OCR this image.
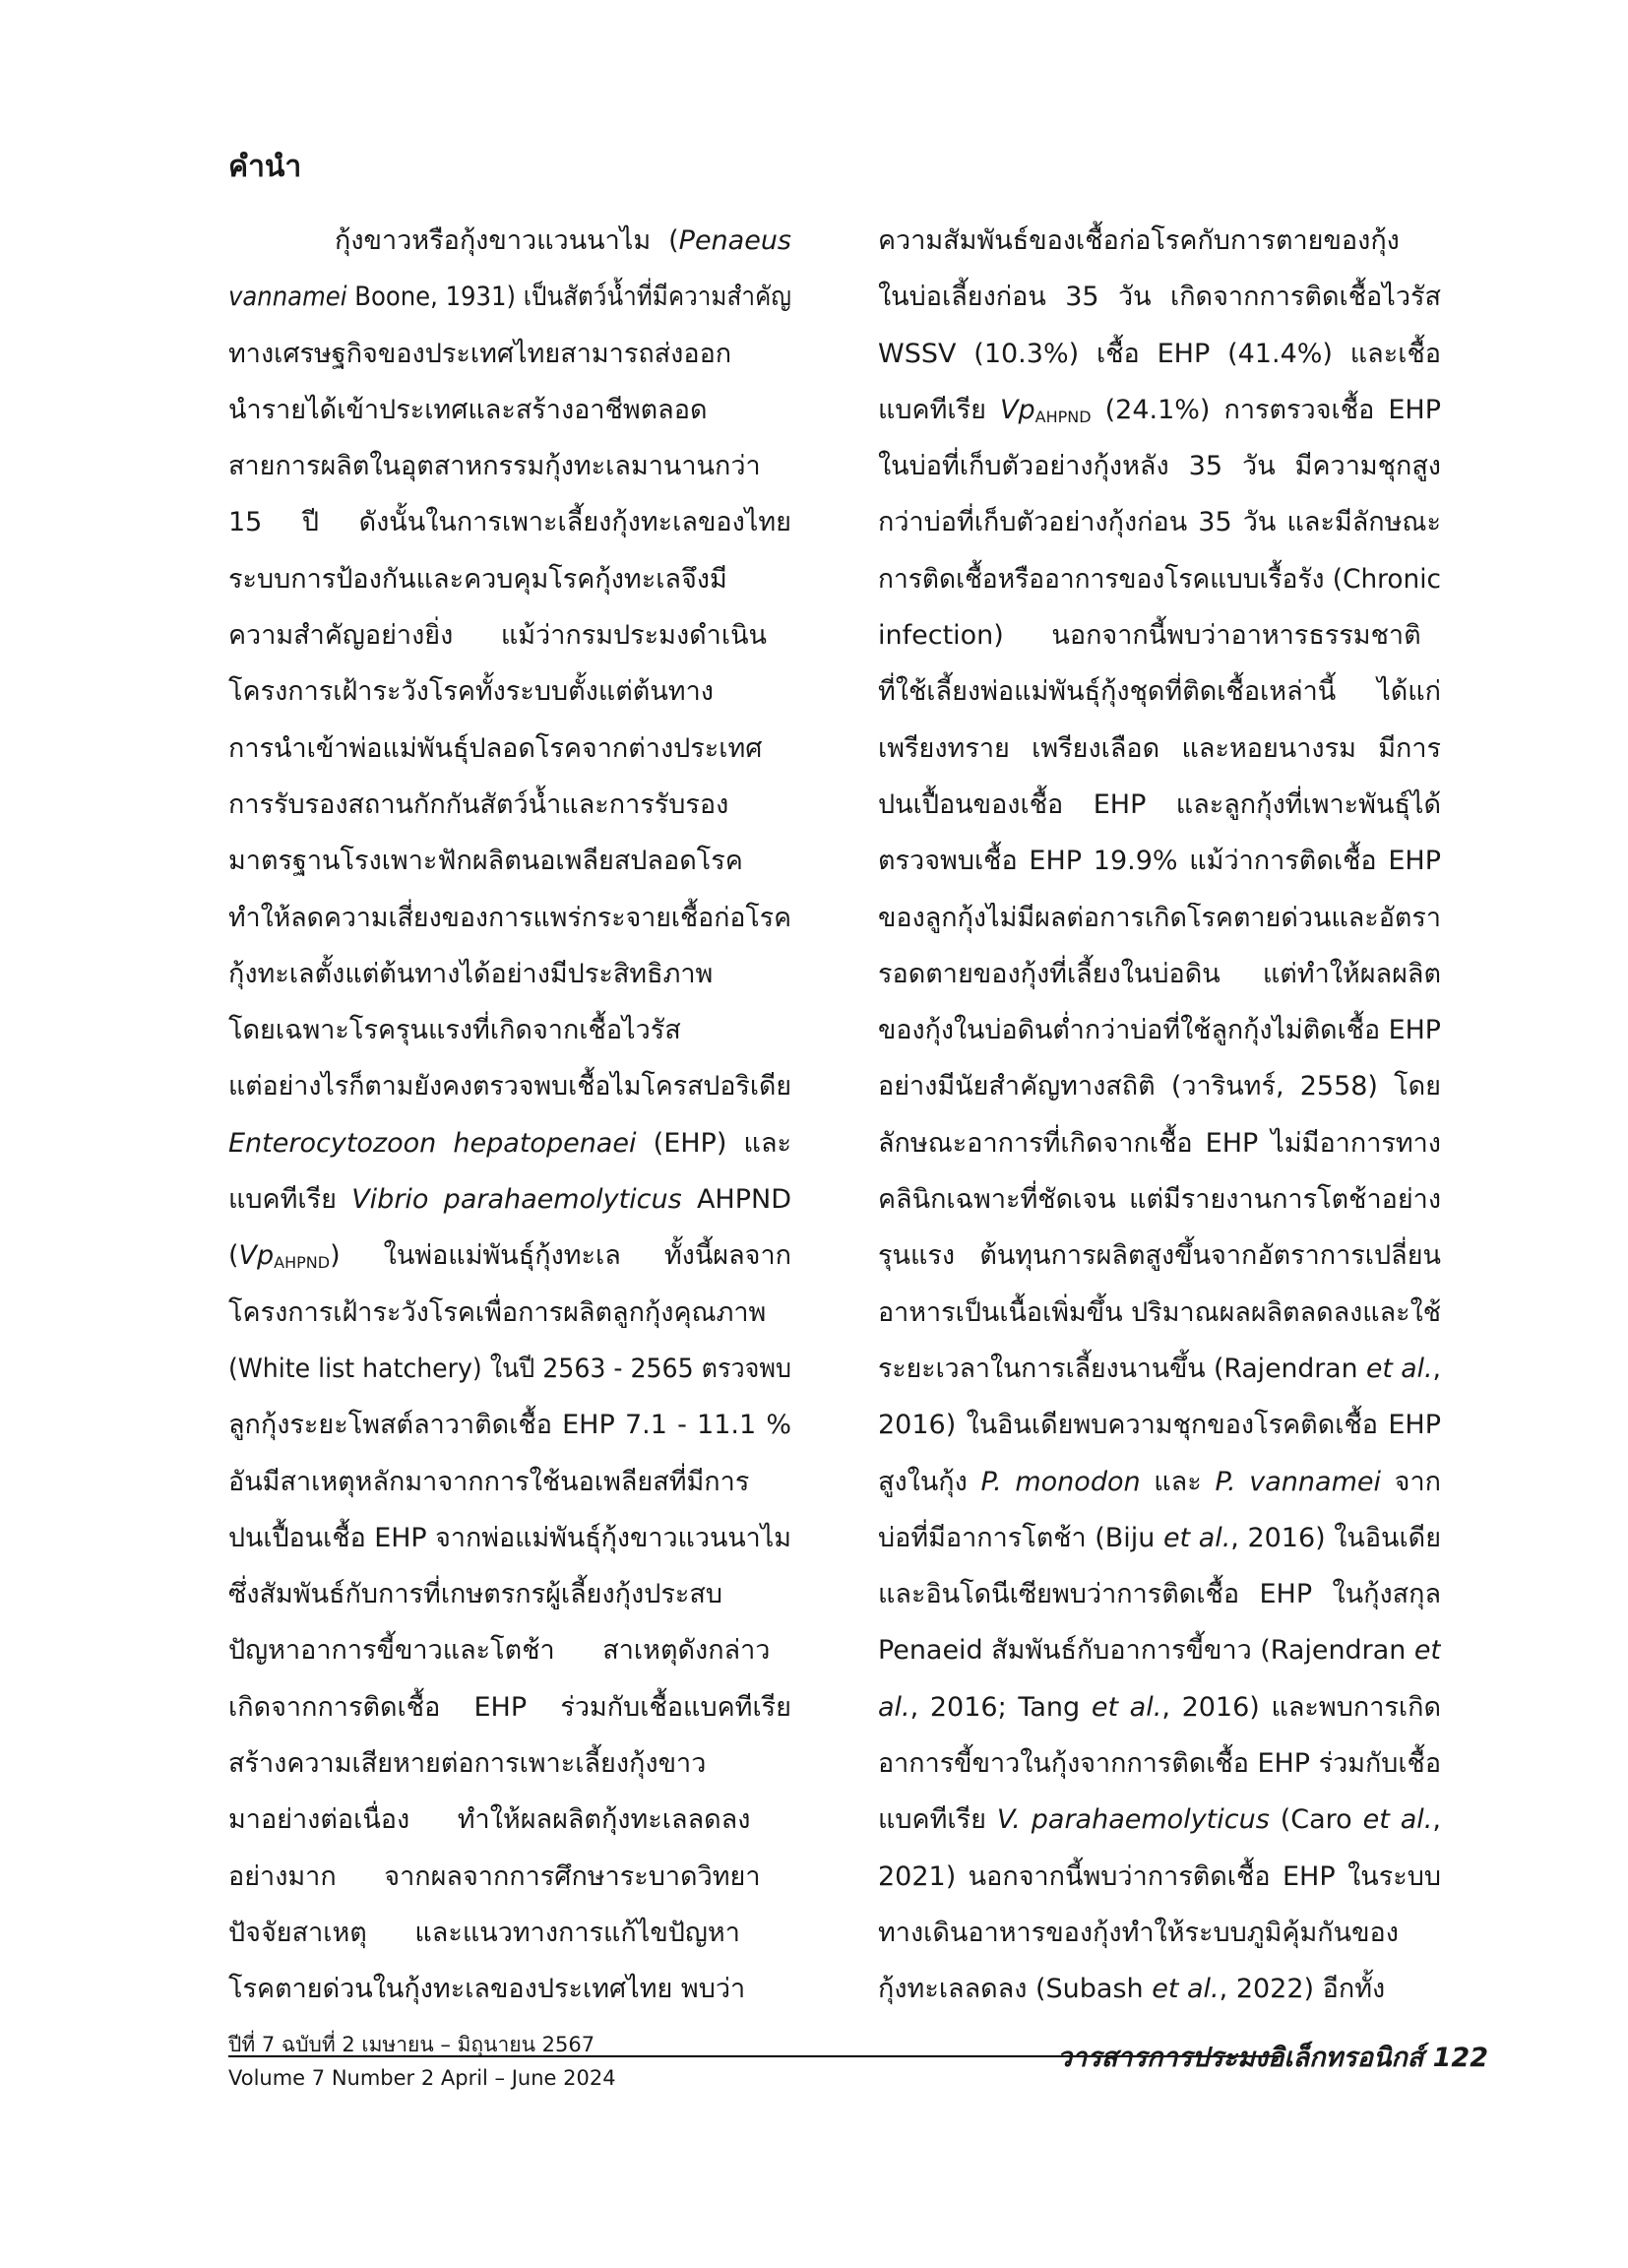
คำนำ
    กุ้งขาวหรือกุ้งขาวแวนนาไม (Penaeus
vannamei Boone, 1931) เป็นสัตว์น้ำที่มีความสำคัญ
ทางเศรษฐกิจของประเทศไทยสามารถส่งออก
นำรายได้เข้าประเทศและสร้างอาชีพตลอด
สายการผลิตในอุตสาหกรรมกุ้งทะเลมานานกว่า
15 ปี ดังนั้นในการเพาะเลี้ยงกุ้งทะเลของไทย
ระบบการป้องกันและควบคุมโรคกุ้งทะเลจึงมี
ความสำคัญอย่างยิ่ง แม้ว่ากรมประมงดำเนิน
โครงการเฝ้าระวังโรคทั้งระบบตั้งแต่ต้นทาง
การนำเข้าพ่อแม่พันธุ์ปลอดโรคจากต่างประเทศ
การรับรองสถานกักกันสัตว์น้ำและการรับรอง
มาตรฐานโรงเพาะฟักผลิตนอเพลียสปลอดโรค
ทำให้ลดความเสี่ยงของการแพร่กระจายเชื้อก่อโรค
กุ้งทะเลตั้งแต่ต้นทางได้อย่างมีประสิทธิภาพ
โดยเฉพาะโรครุนแรงที่เกิดจากเชื้อไวรัส
แต่อย่างไรก็ตามยังคงตรวจพบเชื้อไมโครสปอริเดีย
Enterocytozoon hepatopenaei (EHP) และ
แบคทีเรีย Vibrio parahaemolyticus AHPND
$(Vp_{AHPND})$ ในพ่อแม่พันธุ์กุ้งทะเล ทั้งนี้ผลจาก
โครงการเฝ้าระวังโรคเพื่อการผลิตลูกกุ้งคุณภาพ
(White list hatchery) ในปี 2563 - 2565 ตรวจพบ
ลูกกุ้งระยะโพสต์ลาวาติดเชื้อ EHP 7.1 - 11.1 %
อันมีสาเหตุหลักมาจากการใช้นอเพลียสที่มีการ
ปนเปื้อนเชื้อ EHP จากพ่อแม่พันธุ์กุ้งขาวแวนนาไม
ซึ่งสัมพันธ์กับการที่เกษตรกรผู้เลี้ยงกุ้งประสบ
ปัญหาอาการขี้ขาวและโตช้า สาเหตุดังกล่าว
เกิดจากการติดเชื้อ EHP ร่วมกับเชื้อแบคทีเรีย
สร้างความเสียหายต่อการเพาะเลี้ยงกุ้งขาว
มาอย่างต่อเนื่อง ทำให้ผลผลิตกุ้งทะเลลดลง
อย่างมาก จากผลจากการศึกษาระบาดวิทยา
ปัจจัยสาเหตุ และแนวทางการแก้ไขปัญหา
โรคตายด่วนในกุ้งทะเลของประเทศไทย พบว่า
ความสัมพันธ์ของเชื้อก่อโรคกับการตายของกุ้ง
ในบ่อเลี้ยงก่อน 35 วัน เกิดจากการติดเชื้อไวรัส
WSSV (10.3%) เชื้อ EHP (41.4%) และเชื้อ
แบคทีเรีย $Vp_{AHPND}$ (24.1%) การตรวจเชื้อ EHP
ในบ่อที่เก็บตัวอย่างกุ้งหลัง 35 วัน มีความชุกสูง
กว่าบ่อที่เก็บตัวอย่างกุ้งก่อน 35 วัน และมีลักษณะ
การติดเชื้อหรืออาการของโรคแบบเรื้อรัง (Chronic
infection) นอกจากนี้พบว่าอาหารธรรมชาติ
ที่ใช้เลี้ยงพ่อแม่พันธุ์กุ้งชุดที่ติดเชื้อเหล่านี้ ได้แก่
เพรียงทราย เพรียงเลือด และหอยนางรม มีการ
ปนเปื้อนของเชื้อ EHP และลูกกุ้งที่เพาะพันธุ์ได้
ตรวจพบเชื้อ EHP 19.9% แม้ว่าการติดเชื้อ EHP
ของลูกกุ้งไม่มีผลต่อการเกิดโรคตายด่วนและอัตรา
รอดตายของกุ้งที่เลี้ยงในบ่อดิน แต่ทำให้ผลผลิต
ของกุ้งในบ่อดินต่ำกว่าบ่อที่ใช้ลูกกุ้งไม่ติดเชื้อ EHP
อย่างมีนัยสำคัญทางสถิติ (วารินทร์, 2558) โดย
ลักษณะอาการที่เกิดจากเชื้อ EHP ไม่มีอาการทาง
คลินิกเฉพาะที่ชัดเจน แต่มีรายงานการโตช้าอย่าง
รุนแรง ต้นทุนการผลิตสูงขึ้นจากอัตราการเปลี่ยน
อาหารเป็นเนื้อเพิ่มขึ้น ปริมาณผลผลิตลดลงและใช้
ระยะเวลาในการเลี้ยงนานขึ้น (Rajendran et al.,
2016) ในอินเดียพบความชุกของโรคติดเชื้อ EHP
สูงในกุ้ง P. monodon และ P. vannamei จาก
บ่อที่มีอาการโตช้า (Biju et al., 2016) ในอินเดีย
และอินโดนีเซียพบว่าการติดเชื้อ EHP ในกุ้งสกุล
Penaeid สัมพันธ์กับอาการขี้ขาว (Rajendran et
al., 2016; Tang et al., 2016) และพบการเกิด
อาการขี้ขาวในกุ้งจากการติดเชื้อ EHP ร่วมกับเชื้อ
แบคทีเรีย V. parahaemolyticus (Caro et al.,
2021) นอกจากนี้พบว่าการติดเชื้อ EHP ในระบบ
ทางเดินอาหารของกุ้งทำให้ระบบภูมิคุ้มกันของ
กุ้งทะเลลดลง (Subash et al., 2022) อีกทั้ง
ปีที่ 7 ฉบับที่ 2 เมษายน – มิถุนายน 2567
Volume 7 Number 2 April – June 2024
วารสารการประมงอิเล็กทรอนิกส์ 122
